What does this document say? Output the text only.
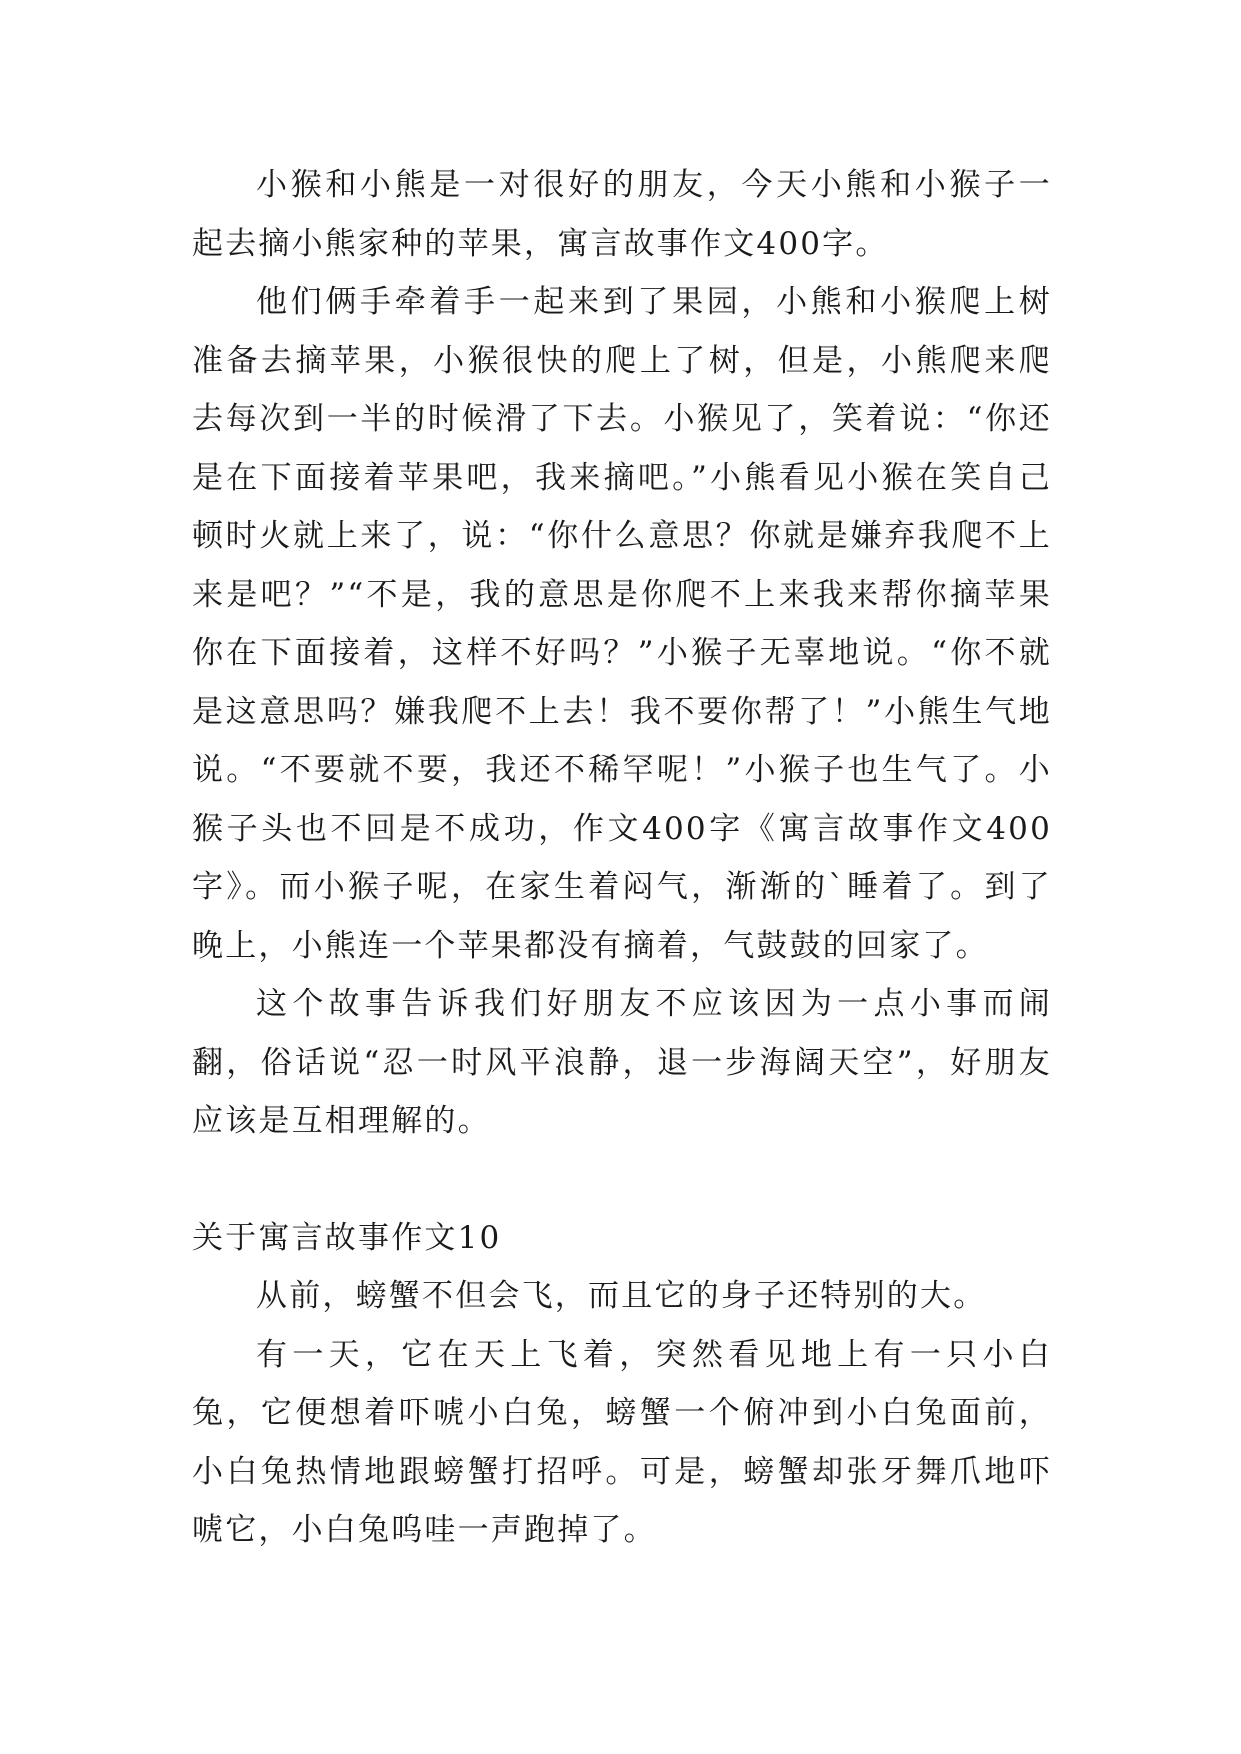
小猴和小熊是一对很好的朋友，今天小熊和小猴子一起去摘小熊家种的苹果，寓言故事作文400字。

他们俩手牵着手一起来到了果园，小熊和小猴爬上树准备去摘苹果，小猴很快的爬上了树，但是，小熊爬来爬去每次到一半的时候滑了下去。小猴见了，笑着说：“你还是在下面接着苹果吧，我来摘吧。”小熊看见小猴在笑自己顿时火就上来了，说：“你什么意思？你就是嫌弃我爬不上来是吧？”“不是，我的意思是你爬不上来我来帮你摘苹果你在下面接着，这样不好吗？”小猴子无辜地说。“你不就是这意思吗？嫌我爬不上去！我不要你帮了！”小熊生气地说。“不要就不要，我还不稀罕呢！”小猴子也生气了。小猴子头也不回是不成功，作文400字《寓言故事作文400字》。而小猴子呢，在家生着闷气，渐渐的`睡着了。到了晚上，小熊连一个苹果都没有摘着，气鼓鼓的回家了。

这个故事告诉我们好朋友不应该因为一点小事而闹翻，俗话说“忍一时风平浪静，退一步海阔天空”，好朋友应该是互相理解的。

关于寓言故事作文10

从前，螃蟹不但会飞，而且它的身子还特别的大。

有一天，它在天上飞着，突然看见地上有一只小白兔，它便想着吓唬小白兔，螃蟹一个俯冲到小白兔面前，小白兔热情地跟螃蟹打招呼。可是，螃蟹却张牙舞爪地吓唬它，小白兔呜哇一声跑掉了。
